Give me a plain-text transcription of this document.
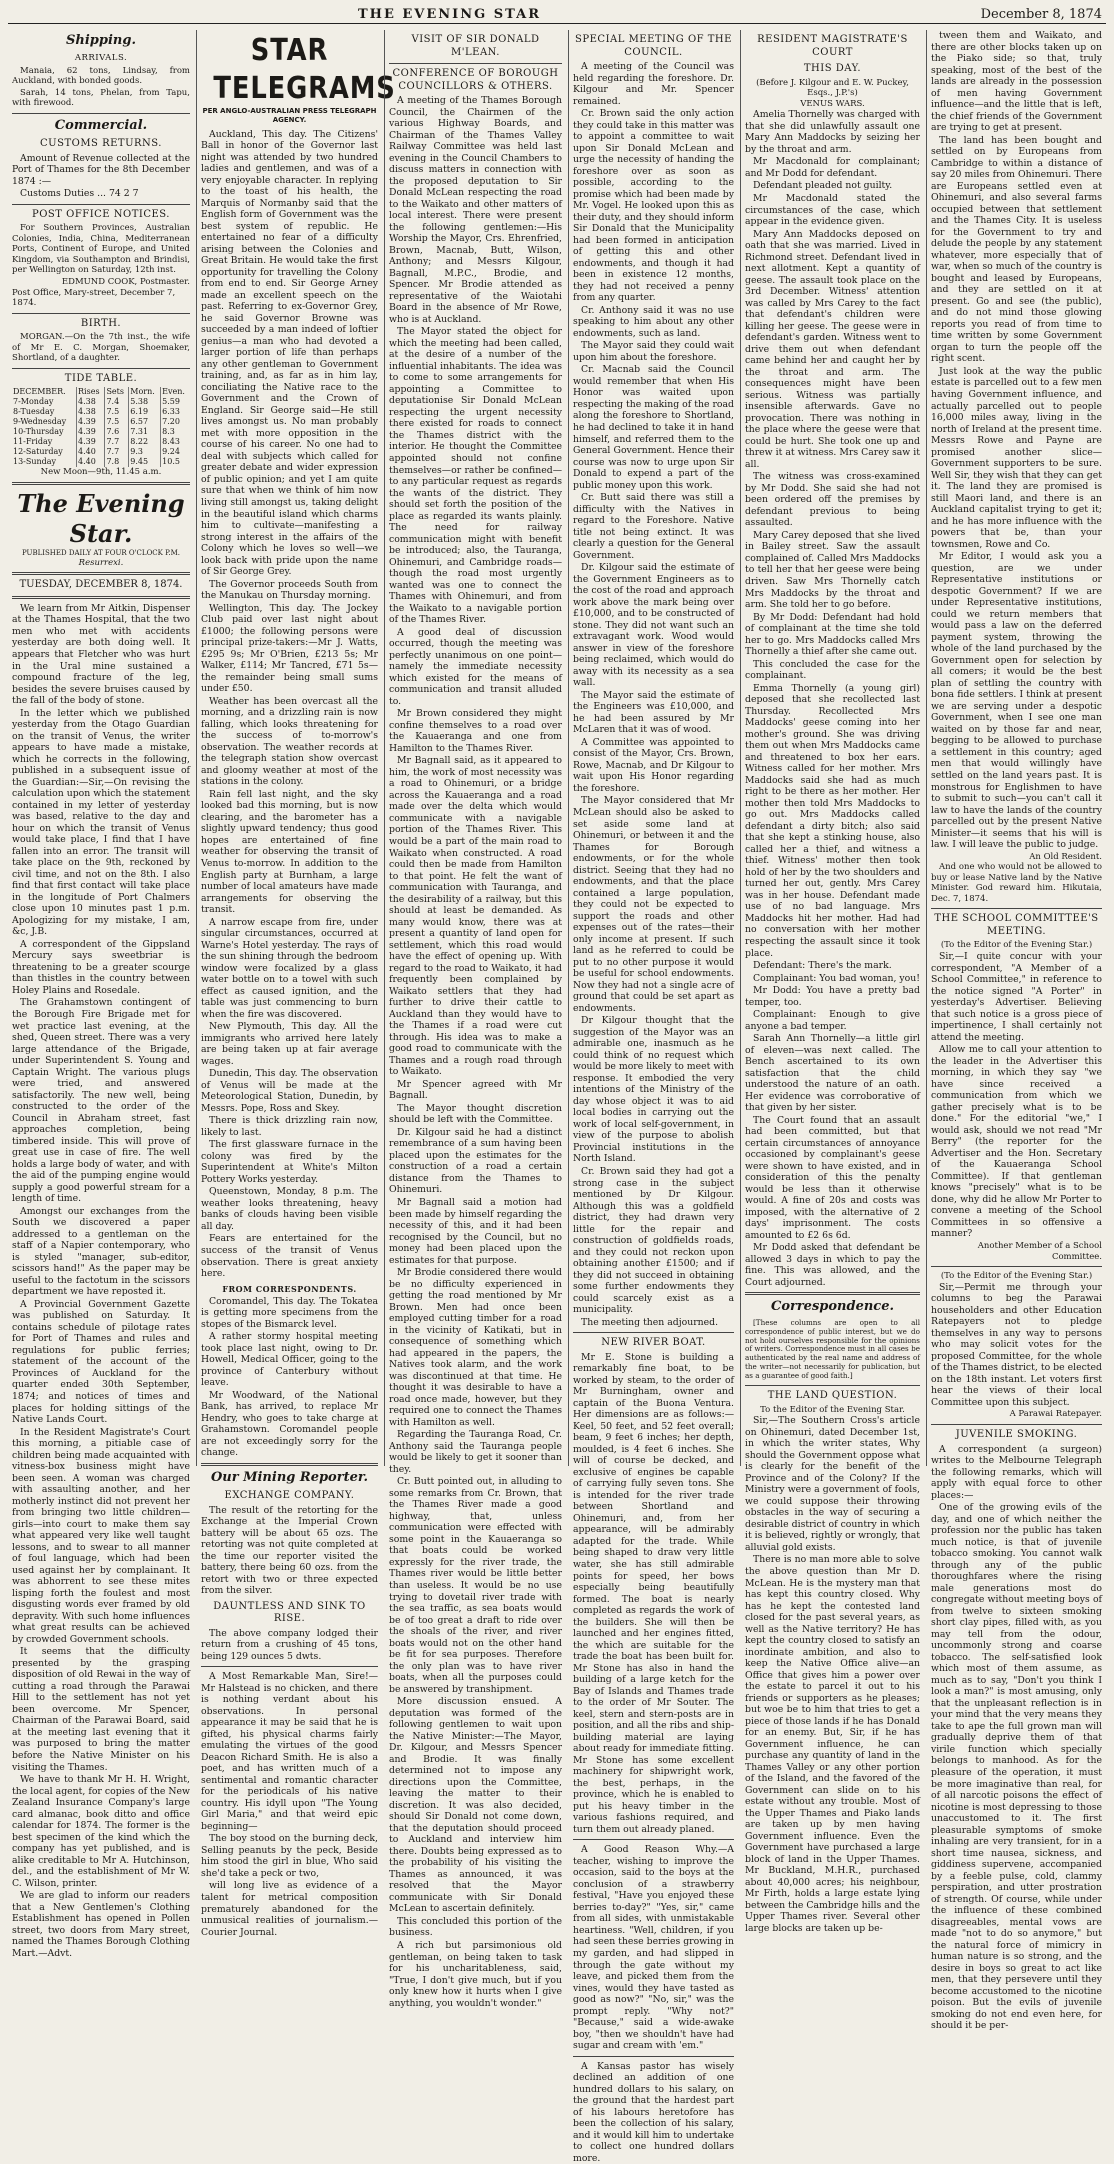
THE EVENING STAR	December 8, 1874
Shipping.
ARRIVALS.

Manaia, 62 tons, Lindsay, from Auckland, with bonded goods.

Sarah, 14 tons, Phelan, from Tapu, with firewood.

Commercial.
CUSTOMS RETURNS.

Amount of Revenue collected at the Port of Thames for the 8th December 1874 :—

Customs Duties ... 74 2 7

POST OFFICE NOTICES.

For Southern Provinces, Australian Colonies, India, China, Mediterranean Ports, Continent of Europe, and United Kingdom, via Southampton and Brindisi, per Wellington on Saturday, 12th inst.

EDMUND COOK, Postmaster.

Post Office, Mary-street, December 7, 1874.

BIRTH.

MORGAN.—On the 7th inst., the wife of Mr E. C. Morgan, Shoemaker, Shortland, of a daughter.

TIDE TABLE.
DECEMBER.	Rises	Sets	Morn.	Even.
7-Monday	4.38	7.4	5.38	5.59
8-Tuesday	4.38	7.5	6.19	6.33
9-Wednesday	4.39	7.5	6.57	7.20
10-Thursday	4.39	7.6	7.31	8.3
11-Friday	4.39	7.7	8.22	8.43
12-Saturday	4.40	7.7	9.3	9.24
13-Sunday	4.40	7.8	9.45	10.5

New Moon—9th, 11.45 a.m.

The Evening Star.

PUBLISHED DAILY AT FOUR O'CLOCK P.M.

Resurrexi.

TUESDAY, DECEMBER 8, 1874.

We learn from Mr Aitkin, Dispenser at the Thames Hospital, that the two men who met with accidents yesterday are both doing well. It appears that Fletcher who was hurt in the Ural mine sustained a compound fracture of the leg, besides the severe bruises caused by the fall of the body of stone.

In the letter which we published yesterday from the Otago Guardian on the transit of Venus, the writer appears to have made a mistake, which he corrects in the following, published in a subsequent issue of the Guardian:—Sir,—On revising the calculation upon which the statement contained in my letter of yesterday was based, relative to the day and hour on which the transit of Venus would take place, I find that I have fallen into an error. The transit will take place on the 9th, reckoned by civil time, and not on the 8th. I also find that first contact will take place in the longitude of Port Chalmers close upon 10 minutes past 1 p.m. Apologizing for my mistake, I am, &c, J.B.

A correspondent of the Gippsland Mercury says sweetbriar is threatening to be a greater scourge than thistles in the country between Holey Plains and Rosedale.

The Grahamstown contingent of the Borough Fire Brigade met for wet practice last evening, at the shed, Queen street. There was a very large attendance of the Brigade, under Superintendent S. Young and Captain Wright. The various plugs were tried, and answered satisfactorily. The new well, being constructed to the order of the Council in Abraham street, fast approaches completion, being timbered inside. This will prove of great use in case of fire. The well holds a large body of water, and with the aid of the pumping engine would supply a good powerful stream for a length of time.

Amongst our exchanges from the South we discovered a paper addressed to a gentleman on the staff of a Napier contemporary, who is styled "manager, sub-editor, scissors hand!" As the paper may be useful to the factotum in the scissors department we have reposted it.

A Provincial Government Gazette was published on Saturday. It contains schedule of pilotage rates for Port of Thames and rules and regulations for public ferries; statement of the account of the Provinces of Auckland for the quarter ended 30th September, 1874; and notices of times and places for holding sittings of the Native Lands Court.

In the Resident Magistrate's Court this morning, a pitiable case of children being made acquainted with vitness-box business might have been seen. A woman was charged with assaulting another, and her motherly instinct did not prevent her from bringing two little children—girls—into court to make them say what appeared very like well taught lessons, and to swear to all manner of foul language, which had been used against her by complainant. It was abhorrent to see these mites lisping forth the foulest and most disgusting words ever framed by old depravity. With such home influences what great results can be achieved by crowded Government schools.

It seems that the difficulty presented by the grasping disposition of old Rewai in the way of cutting a road through the Parawai Hill to the settlement has not yet been overcome. Mr Spencer, Chairman of the Parawai Board, said at the meeting last evening that it was purposed to bring the matter before the Native Minister on his visiting the Thames.

We have to thank Mr H. H. Wright, the local agent, for copies of the New Zealand Insurance Company's large card almanac, book ditto and office calendar for 1874. The former is the best specimen of the kind which the company has yet published, and is alike creditable to Mr A. Hutchinson, del., and the establishment of Mr W. C. Wilson, printer.

We are glad to inform our readers that a New Gentlemen's Clothing Establishment has opened in Pollen street, two doors from Mary street, named the Thames Borough Clothing Mart.—Advt.

STAR TELEGRAMS
PER ANGLO-AUSTRALIAN PRESS TELEGRAPH AGENCY.

Auckland, This day. The Citizens' Ball in honor of the Governor last night was attended by two hundred ladies and gentlemen, and was of a very enjoyable character. In replying to the toast of his health, the Marquis of Normanby said that the English form of Government was the best system of republic. He entertained no fear of a difficulty arising between the Colonies and Great Britain. He would take the first opportunity for travelling the Colony from end to end. Sir George Arney made an excellent speech on the past. Referring to ex-Governor Grey, he said Governor Browne was succeeded by a man indeed of loftier genius—a man who had devoted a larger portion of life than perhaps any other gentleman to Government training, and, as far as in him lay, conciliating the Native race to the Government and the Crown of England. Sir George said—He still lives amongst us. No man probably met with more opposition in the course of his career. No one had to deal with subjects which called for greater debate and wider expression of public opinion; and yet I am quite sure that when we think of him now living still amongst us, taking delight in the beautiful island which charms him to cultivate—manifesting a strong interest in the affairs of the Colony which he loves so well—we look back with pride upon the name of Sir George Grey.

The Governor proceeds South from the Manukau on Thursday morning.

Wellington, This day. The Jockey Club paid over last night about £1000; the following persons were principal prize-takers:—Mr J. Watts, £295 9s; Mr O'Brien, £213 5s; Mr Walker, £114; Mr Tancred, £71 5s—the remainder being small sums under £50.

Weather has been overcast all the morning, and a drizzling rain is now falling, which looks threatening for the success of to-morrow's observation. The weather records at the telegraph station show overcast and gloomy weather at most of the stations in the colony.

Rain fell last night, and the sky looked bad this morning, but is now clearing, and the barometer has a slightly upward tendency; thus good hopes are entertained of fine weather for observing the transit of Venus to-morrow. In addition to the English party at Burnham, a large number of local amateurs have made arrangements for observing the transit.

A narrow escape from fire, under singular circumstances, occurred at Warne's Hotel yesterday. The rays of the sun shining through the bedroom window were focalized by a glass water bottle on to a towel with such effect as caused ignition, and the table was just commencing to burn when the fire was discovered.

New Plymouth, This day. All the immigrants who arrived here lately are being taken up at fair average wages.

Dunedin, This day. The observation of Venus will be made at the Meteorological Station, Dunedin, by Messrs. Pope, Ross and Skey.

There is thick drizzling rain now, likely to last.

The first glassware furnace in the colony was fired by the Superintendent at White's Milton Pottery Works yesterday.

Queenstown, Monday, 8 p.m. The weather looks threatening, heavy banks of clouds having been visible all day.

Fears are entertained for the success of the transit of Venus observation. There is great anxiety here.

FROM CORRESPONDENTS.

Coromandel, This day. The Tokatea is getting more specimens from the stopes of the Bismarck level.

A rather stormy hospital meeting took place last night, owing to Dr. Howell, Medical Officer, going to the province of Canterbury without leave.

Mr Woodward, of the National Bank, has arrived, to replace Mr Hendry, who goes to take charge at Grahamstown. Coromandel people are not exceedingly sorry for the change.

Our Mining Reporter.
EXCHANGE COMPANY.

The result of the retorting for the Exchange at the Imperial Crown battery will be about 65 ozs. The retorting was not quite completed at the time our reporter visited the battery, there being 60 ozs. from the retort with two or three expected from the silver.

DAUNTLESS AND SINK TO RISE.

The above company lodged their return from a crushing of 45 tons, being 129 ounces 5 dwts.

A Most Remarkable Man, Sire!—Mr Halstead is no chicken, and there is nothing verdant about his observations. In personal appearance it may be said that he is gifted, his physical charms fairly emulating the virtues of the good Deacon Richard Smith. He is also a poet, and has written much of a sentimental and romantic character for the periodicals of his native country. His idyll upon "The Young Girl Maria," and that weird epic beginning—

The boy stood on the burning deck, Selling peanuts by the peck, Beside him stood the girl in blue, Who said she'd take a peck or two,

will long live as evidence of a talent for metrical composition prematurely abandoned for the unmusical realities of journalism.—Courier Journal.

VISIT OF SIR DONALD M'LEAN.
CONFERENCE OF BOROUGH COUNCILLORS & OTHERS.

A meeting of the Thames Borough Council, the Chairmen of the various Highway Boards, and Chairman of the Thames Valley Railway Committee was held last evening in the Council Chambers to discuss matters in connection with the proposed deputation to Sir Donald McLean respecting the road to the Waikato and other matters of local interest. There were present the following gentlemen:—His Worship the Mayor, Crs. Ehrenfried, Brown, Macnab, Butt, Wilson, Anthony; and Messrs Kilgour, Bagnall, M.P.C., Brodie, and Spencer. Mr Brodie attended as representative of the Waiotahi Board in the absence of Mr Rowe, who is at Auckland.

The Mayor stated the object for which the meeting had been called, at the desire of a number of the influential inhabitants. The idea was to come to some arrangements for appointing a Committee to deputationise Sir Donald McLean respecting the urgent necessity there existed for roads to connect the Thames district with the interior. He thought the Committee appointed should not confine themselves—or rather be confined—to any particular request as regards the wants of the district. They should set forth the position of the place as regarded its wants plainly. The need for railway communication might with benefit be introduced; also, the Tauranga, Ohinemuri, and Cambridge roads—though the road most urgently wanted was one to connect the Thames with Ohinemuri, and from the Waikato to a navigable portion of the Thames River.

A good deal of discussion occurred, though the meeting was perfectly unanimous on one point—namely the immediate necessity which existed for the means of communication and transit alluded to.

Mr Brown considered they might confine themselves to a road over the Kauaeranga and one from Hamilton to the Thames River.

Mr Bagnall said, as it appeared to him, the work of most necessity was a road to Ohinemuri, or a bridge across the Kauaeranga and a road made over the delta which would communicate with a navigable portion of the Thames River. This would be a part of the main road to Waikato when constructed. A road could then be made from Hamilton to that point. He felt the want of communication with Tauranga, and the desirability of a railway, but this should at least be demanded. As many would know, there was at present a quantity of land open for settlement, which this road would have the effect of opening up. With regard to the road to Waikato, it had frequently been complained by Waikato settlers that they had further to drive their cattle to Auckland than they would have to the Thames if a road were cut through. His idea was to make a good road to communicate with the Thames and a rough road through to Waikato.

Mr Spencer agreed with Mr Bagnall.

The Mayor thought discretion should be left with the Committee.

Dr. Kilgour said he had a distinct remembrance of a sum having been placed upon the estimates for the construction of a road a certain distance from the Thames to Ohinemuri.

Mr Bagnall said a motion had been made by himself regarding the necessity of this, and it had been recognised by the Council, but no money had been placed upon the estimates for that purpose.

Mr Brodie considered there would be no difficulty experienced in getting the road mentioned by Mr Brown. Men had once been employed cutting timber for a road in the vicinity of Katikati, but in consequence of something which had appeared in the papers, the Natives took alarm, and the work was discontinued at that time. He thought it was desirable to have a road once made, however, but they required one to connect the Thames with Hamilton as well.

Regarding the Tauranga Road, Cr. Anthony said the Tauranga people would be likely to get it sooner than they.

Cr. Butt pointed out, in alluding to some remarks from Cr. Brown, that the Thames River made a good highway, that, unless communication were effected with some point in the Kauaeranga so that boats could be worked expressly for the river trade, the Thames river would be little better than useless. It would be no use trying to dovetail river trade with the sea traffic, as sea boats would be of too great a draft to ride over the shoals of the river, and river boats would not on the other hand be fit for sea purposes. Therefore the only plan was to have river boats, when all the purposes could be answered by transhipment.

More discussion ensued. A deputation was formed of the following gentlemen to wait upon the Native Minister:—The Mayor, Dr. Kilgour, and Messrs Spencer and Brodie. It was finally determined not to impose any directions upon the Committee, leaving the matter to their discretion. It was also decided, should Sir Donald not come down, that the deputation should proceed to Auckland and interview him there. Doubts being expressed as to the probability of his visiting the Thames as announced, it was resolved that the Mayor communicate with Sir Donald McLean to ascertain definitely.

This concluded this portion of the business.

A rich but parsimonious old gentleman, on being taken to task for his uncharitableness, said, "True, I don't give much, but if you only knew how it hurts when I give anything, you wouldn't wonder."

SPECIAL MEETING OF THE COUNCIL.

A meeting of the Council was held regarding the foreshore. Dr. Kilgour and Mr. Spencer remained.

Cr. Brown said the only action they could take in this matter was to appoint a committee to wait upon Sir Donald McLean and urge the necessity of handing the foreshore over as soon as possible, according to the promise which had been made by Mr. Vogel. He looked upon this as their duty, and they should inform Sir Donald that the Municipality had been formed in anticipation of getting this and other endowments, and though it had been in existence 12 months, they had not received a penny from any quarter.

Cr. Anthony said it was no use speaking to him about any other endowments, such as land.

The Mayor said they could wait upon him about the foreshore.

Cr. Macnab said the Council would remember that when His Honor was waited upon respecting the making of the road along the foreshore to Shortland, he had declined to take it in hand himself, and referred them to the General Government. Hence their course was now to urge upon Sir Donald to expend a part of the public money upon this work.

Cr. Butt said there was still a difficulty with the Natives in regard to the Foreshore. Native title not being extinct. It was clearly a question for the General Government.

Dr. Kilgour said the estimate of the Government Engineers as to the cost of the road and approach work above the mark being over £10,000, and to be constructed of stone. They did not want such an extravagant work. Wood would answer in view of the foreshore being reclaimed, which would do away with its necessity as a sea wall.

The Mayor said the estimate of the Engineers was £10,000, and he had been assured by Mr McLaren that it was of wood.

A Committee was appointed to consist of the Mayor, Crs. Brown, Rowe, Macnab, and Dr Kilgour to wait upon His Honor regarding the foreshore.

The Mayor considered that Mr McLean should also be asked to set aside some land at Ohinemuri, or between it and the Thames for Borough endowments, or for the whole district. Seeing that they had no endowments, and that the place contained a large population, they could not be expected to support the roads and other expenses out of the rates—their only income at present. If such land as he referred to could be put to no other purpose it would be useful for school endowments. Now they had not a single acre of ground that could be set apart as endowments.

Dr Kilgour thought that the suggestion of the Mayor was an admirable one, inasmuch as he could think of no request which would be more likely to meet with response. It embodied the very intentions of the Ministry of the day whose object it was to aid local bodies in carrying out the work of local self-government, in view of the purpose to abolish Provincial institutions in the North Island.

Cr. Brown said they had got a strong case in the subject mentioned by Dr Kilgour. Although this was a goldfield district, they had drawn very little for the repair and construction of goldfields roads, and they could not reckon upon obtaining another £1500; and if they did not succeed in obtaining some further endowments they could scarcely exist as a municipality.

The meeting then adjourned.

NEW RIVER BOAT.

Mr E. Stone is building a remarkably fine boat, to be worked by steam, to the order of Mr Burningham, owner and captain of the Buona Ventura. Her dimensions are as follows:—Keel, 50 feet, and 52 feet overall; beam, 9 feet 6 inches; her depth, moulded, is 4 feet 6 inches. She will of course be decked, and exclusive of engines be capable of carrying fully seven tons. She is intended for the river trade between Shortland and Ohinemuri, and, from her appearance, will be admirably adapted for the trade. While being shaped to draw very little water, she has still admirable points for speed, her bows especially being beautifully formed. The boat is nearly completed as regards the work of the builders. She will then be launched and her engines fitted, the which are suitable for the trade the boat has been built for. Mr Stone has also in hand the building of a large ketch for the Bay of Islands and Thames trade to the order of Mr Souter. The keel, stern and stern-posts are in position, and all the ribs and ship-building material are laying about ready for immediate fitting. Mr Stone has some excellent machinery for shipwright work, the best, perhaps, in the province, which he is enabled to put his heavy timber in the various fashions required, and turn them out already planed.

A Good Reason Why.—A teacher, wishing to improve the occasion, said to the boys at the conclusion of a strawberry festival, "Have you enjoyed these berries to-day?" "Yes, sir," came from all sides, with unmistakable heartiness. "Well, children, if you had seen these berries growing in my garden, and had slipped in through the gate without my leave, and picked them from the vines, would they have tasted as good as now?" "No, sir," was the prompt reply. "Why not?" "Because," said a wide-awake boy, "then we shouldn't have had sugar and cream with 'em."

A Kansas pastor has wisely declined an addition of one hundred dollars to his salary, on the ground that the hardest part of his labours heretofore has been the collection of his salary, and it would kill him to undertake to collect one hundred dollars more.

RESIDENT MAGISTRATE'S COURT
THIS DAY.

(Before J. Kilgour and E. W. Puckey, Esqs., J.P.'s)

VENUS WARS.

Amelia Thornelly was charged with that she did unlawfully assault one Mary Ann Maddocks by seizing her by the throat and arm.

Mr Macdonald for complainant; and Mr Dodd for defendant.

Defendant pleaded not guilty.

Mr Macdonald stated the circumstances of the case, which appear in the evidence given.

Mary Ann Maddocks deposed on oath that she was married. Lived in Richmond street. Defendant lived in next allotment. Kept a quantity of geese. The assault took place on the 3rd December. Witness' attention was called by Mrs Carey to the fact that defendant's children were killing her geese. The geese were in defendant's garden. Witness went to drive them out when defendant came behind her and caught her by the throat and arm. The consequences might have been serious. Witness was partially insensible afterwards. Gave no provocation. There was nothing in the place where the geese were that could be hurt. She took one up and threw it at witness. Mrs Carey saw it all.

The witness was cross-examined by Mr Dodd. She said she had not been ordered off the premises by defendant previous to being assaulted.

Mary Carey deposed that she lived in Bailey street. Saw the assault complained of. Called Mrs Maddocks to tell her that her geese were being driven. Saw Mrs Thornelly catch Mrs Maddocks by the throat and arm. She told her to go before.

By Mr Dodd: Defendant had hold of complainant at the time she told her to go. Mrs Maddocks called Mrs Thornelly a thief after she came out.

This concluded the case for the complainant.

Emma Thornelly (a young girl) deposed that she recollected last Thursday. Recollected Mrs Maddocks' geese coming into her mother's ground. She was driving them out when Mrs Maddocks came and threatened to box her ears. Witness called for her mother. Mrs Maddocks said she had as much right to be there as her mother. Her mother then told Mrs Maddocks to go out. Mrs Maddocks called defendant a dirty bitch; also said that she kept a stinking house, also called her a thief, and witness a thief. Witness' mother then took hold of her by the two shoulders and turned her out, gently. Mrs Carey was in her house. Defendant made use of no bad language. Mrs Maddocks hit her mother. Had had no conversation with her mother respecting the assault since it took place.

Defendant: There's the mark.

Complainant: You bad woman, you!

Mr Dodd: You have a pretty bad temper, too.

Complainant: Enough to give anyone a bad temper.

Sarah Ann Thornelly—a little girl of eleven—was next called. The Bench ascertained to its own satisfaction that the child understood the nature of an oath. Her evidence was corroborative of that given by her sister.

The Court found that an assault had been committed, but that certain circumstances of annoyance occasioned by complainant's geese were shown to have existed, and in consideration of this the penalty would be less than it otherwise would. A fine of 20s and costs was imposed, with the alternative of 2 days' imprisonment. The costs amounted to £2 6s 6d.

Mr Dodd asked that defendant be allowed 3 days in which to pay the fine. This was allowed, and the Court adjourned.

Correspondence.

[These columns are open to all correspondence of public interest, but we do not hold ourselves responsible for the opinions of writers. Correspondence must in all cases be authenticated by the real name and address of the writer—not necessarily for publication, but as a guarantee of good faith.]

THE LAND QUESTION.

To the Editor of the Evening Star.

Sir,—The Southern Cross's article on Ohinemuri, dated December 1st, in which the writer states, Why should the Government oppose what is clearly for the benefit of the Province and of the Colony? If the Ministry were a government of fools, we could suppose their throwing obstacles in the way of securing a desirable district of country in which it is believed, rightly or wrongly, that alluvial gold exists.

There is no man more able to solve the above question than Mr D. McLean. He is the mystery man that has kept this country closed. Why has he kept the contested land closed for the past several years, as well as the Native territory? He has kept the country closed to satisfy an inordinate ambition, and also to keep the Native Office alive—an Office that gives him a power over the estate to parcel it out to his friends or supporters as he pleases; but woe be to him that tries to get a piece of those lands if he has Donald for an enemy. But, Sir, if he has Government influence, he can purchase any quantity of land in the Thames Valley or any other portion of the Island, and the favored of the Government can slide on to his estate without any trouble. Most of the Upper Thames and Piako lands are taken up by men having Government influence. Even the Government have purchased a large block of land in the Upper Thames. Mr Buckland, M.H.R., purchased about 40,000 acres; his neighbour, Mr Firth, holds a large estate lying between the Cambridge hills and the Upper Thames river. Several other large blocks are taken up be-

tween them and Waikato, and there are other blocks taken up on the Piako side; so that, truly speaking, most of the best of the lands are already in the possession of men having Government influence—and the little that is left, the chief friends of the Government are trying to get at present.

The land has been bought and settled on by Europeans from Cambridge to within a distance of say 20 miles from Ohinemuri. There are Europeans settled even at Ohinemuri, and also several farms occupied between that settlement and the Thames City. It is useless for the Government to try and delude the people by any statement whatever, more especially that of war, when so much of the country is bought and leased by Europeans, and they are settled on it at present. Go and see (the public), and do not mind those glowing reports you read of from time to time written by some Government organ to turn the people off the right scent.

Just look at the way the public estate is parcelled out to a few men having Government influence, and actually parcelled out to people 16,000 miles away, living in the north of Ireland at the present time. Messrs Rowe and Payne are promised another slice—Government supporters to be sure. Well Sir, they wish that they can get it. The land they are promised is still Maori land, and there is an Auckland capitalist trying to get it; and he has more influence with the powers that be, than your townsmen, Rowe and Co.

Mr Editor, I would ask you a question, are we under Representative institutions or despotic Government? If we are under Representative institutions, could we return members that would pass a law on the deferred payment system, throwing the whole of the land purchased by the Government open for selection by all comers; it would be the best plan of settling the country with bona fide settlers. I think at present we are serving under a despotic Government, when I see one man waited on by those far and near, begging to be allowed to purchase a settlement in this country; aged men that would willingly have settled on the land years past. It is monstrous for Englishmen to have to submit to such—you can't call it law to have the lands of the country parcelled out by the present Native Minister—it seems that his will is law. I will leave the public to judge.

An Old Resident.

And one who would not be allowed to buy or lease Native land by the Native Minister. God reward him. Hikutaia, Dec. 7, 1874.

THE SCHOOL COMMITTEE'S MEETING.

(To the Editor of the Evening Star.)

Sir,—I quite concur with your correspondent, "A Member of a School Committee," in reference to the notice signed "A Porter" in yesterday's Advertiser. Believing that such notice is a gross piece of impertinence, I shall certainly not attend the meeting.

Allow me to call your attention to the leader in the Advertiser this morning, in which they say "we have since received a communication from which we gather precisely what is to be done." For the editorial "we," I would ask, should we not read "Mr Berry" (the reporter for the Advertiser and the Hon. Secretary of the Kauaeranga School Committee). If that gentleman knows "precisely" what is to be done, why did he allow Mr Porter to convene a meeting of the School Committees in so offensive a manner?

Another Member of a School Committee.

(To the Editor of the Evening Star.)

Sir,—Permit me through your columns to beg the Parawai householders and other Education Ratepayers not to pledge themselves in any way to persons who may solicit votes for the proposed Committee, for the whole of the Thames district, to be elected on the 18th instant. Let voters first hear the views of their local Committee upon this subject.

A Parawai Ratepayer.

JUVENILE SMOKING.

A correspondent (a surgeon) writes to the Melbourne Telegraph the following remarks, which will apply with equal force to other places:—

One of the growing evils of the day, and one of which neither the profession nor the public has taken much notice, is that of juvenile tobacco smoking. You cannot walk through any of the public thoroughfares where the rising male generations most do congregate without meeting boys of from twelve to sixteen smoking short clay pipes, filled with, as you may tell from the odour, uncommonly strong and coarse tobacco. The self-satisfied look which most of them assume, as much as to say, "Don't you think I look a man?" is most amusing, only that the unpleasant reflection is in your mind that the very means they take to ape the full grown man will gradually deprive them of that virile function which specially belongs to manhood. As for the pleasure of the operation, it must be more imaginative than real, for of all narcotic poisons the effect of nicotine is most depressing to those unaccustomed to it. The first pleasurable symptoms of smoke inhaling are very transient, for in a short time nausea, sickness, and giddiness supervene, accompanied by a feeble pulse, cold, clammy perspiration, and utter prostration of strength. Of course, while under the influence of these combined disagreeables, mental vows are made "not to do so anymore," but the natural force of mimicry in human nature is so strong, and the desire in boys so great to act like men, that they persevere until they become accustomed to the nicotine poison. But the evils of juvenile smoking do not end even here, for should it be per-
